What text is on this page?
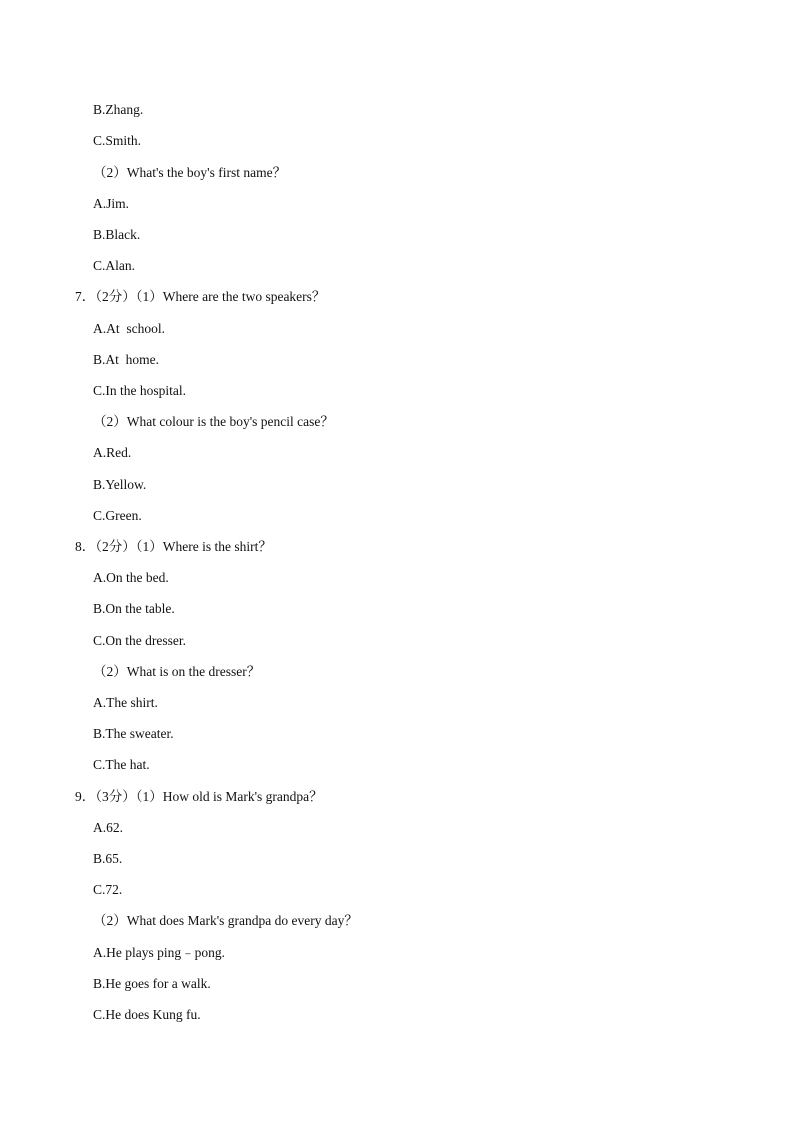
B.Zhang.
C.Smith.
（2）What's the boy's first name？
A.Jim.
B.Black.
C.Alan.
7．（2分）（1）Where are the two speakers？
A.At  school.
B.At  home.
C.In the hospital.
（2）What colour is the boy's pencil case？
A.Red.
B.Yellow.
C.Green.
8．（2分）（1）Where is the shirt？
A.On the bed.
B.On the table.
C.On the dresser.
（2）What is on the dresser？
A.The shirt.
B.The sweater.
C.The hat.
9．（3分）（1）How old is Mark's grandpa？
A.62.
B.65.
C.72.
（2）What does Mark's grandpa do every day？
A.He plays ping﹣pong.
B.He goes for a walk.
C.He does Kung fu.
